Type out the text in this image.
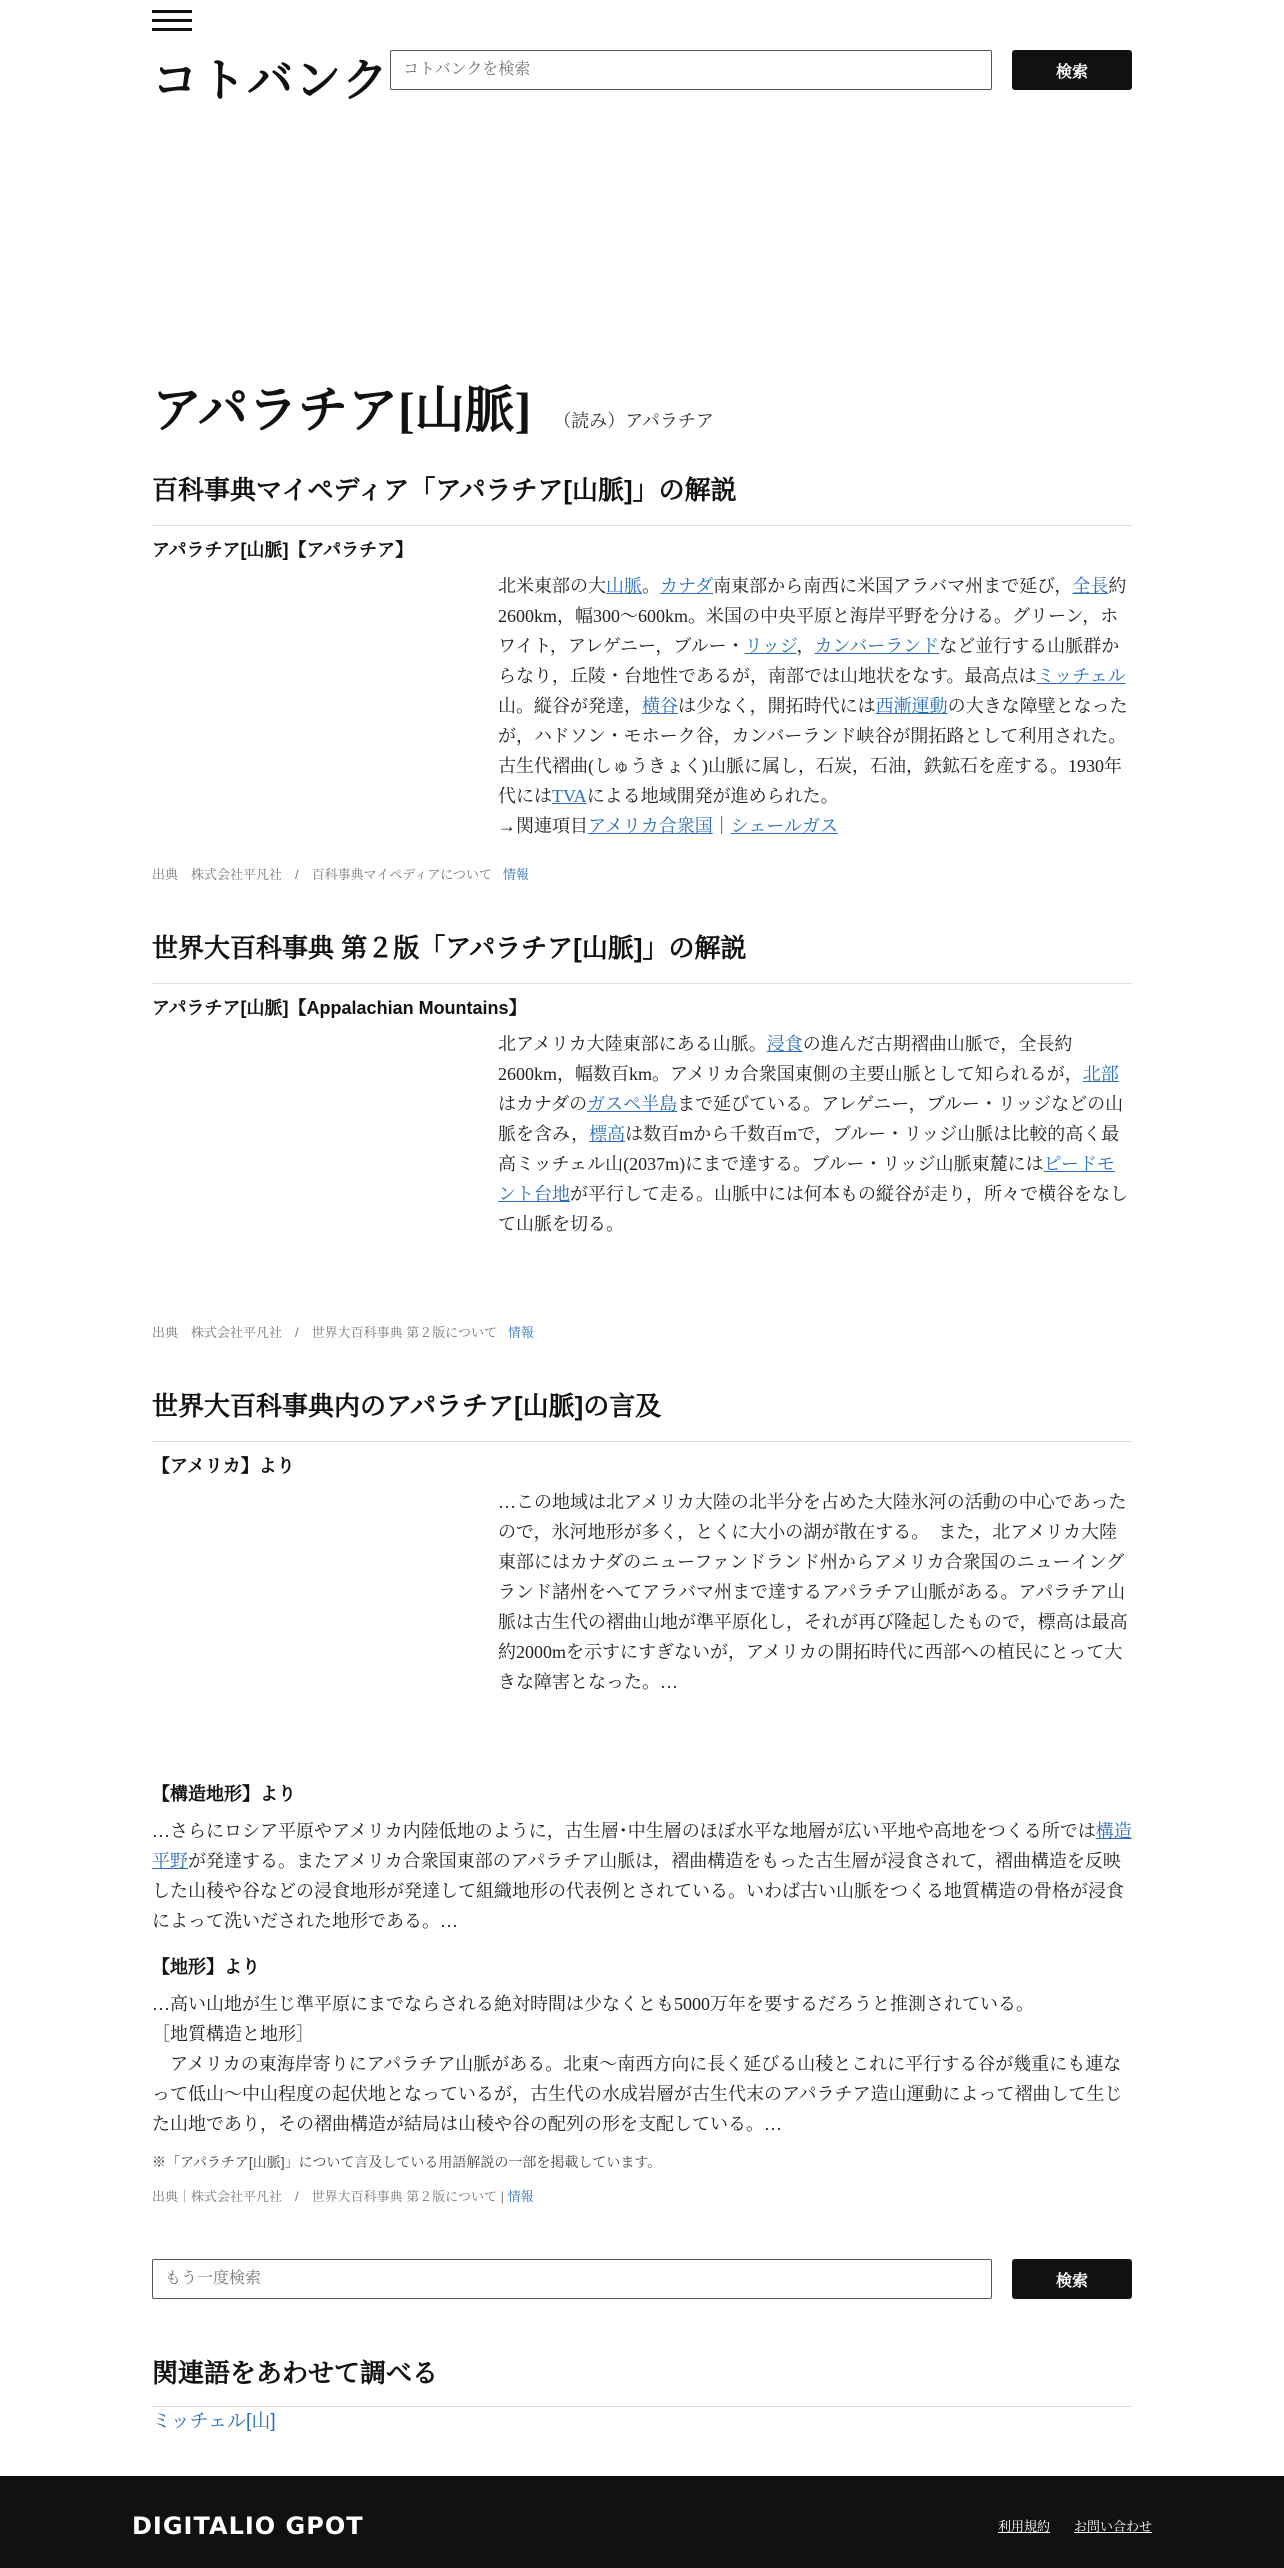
コトバンク
コトバンクを検索	検索
アパラチア[山脈] （読み）アパラチア
百科事典マイペディア「アパラチア[山脈]」の解説
アパラチア[山脈]【アパラチア】
北米東部の大山脈。カナダ南東部から南西に米国アラバマ州まで延び，全長約2600km，幅300〜600km。米国の中央平原と海岸平野を分ける。グリーン，ホワイト，アレゲニー，ブルー・リッジ，カンバーランドなど並行する山脈群からなり，丘陵・台地性であるが，南部では山地状をなす。最高点はミッチェル山。縦谷が発達，横谷は少なく，開拓時代には西漸運動の大きな障壁となったが，ハドソン・モホーク谷，カンバーランド峡谷が開拓路として利用された。古生代褶曲(しゅうきょく)山脈に属し，石炭，石油，鉄鉱石を産する。1930年代にはTVAによる地域開発が進められた。
→関連項目アメリカ合衆国｜シェールガス
出典　株式会社平凡社　/　百科事典マイペディアについて 情報
世界大百科事典 第２版「アパラチア[山脈]」の解説
アパラチア[山脈]【Appalachian Mountains】
北アメリカ大陸東部にある山脈。浸食の進んだ古期褶曲山脈で，全長約2600km，幅数百km。アメリカ合衆国東側の主要山脈として知られるが，北部はカナダのガスペ半島まで延びている。アレゲニー，ブルー・リッジなどの山脈を含み，標高は数百mから千数百mで，ブルー・リッジ山脈は比較的高く最高ミッチェル山(2037m)にまで達する。ブルー・リッジ山脈東麓にはピードモント台地が平行して走る。山脈中には何本もの縦谷が走り，所々で横谷をなして山脈を切る。
出典　株式会社平凡社　/　世界大百科事典 第２版について 情報
世界大百科事典内のアパラチア[山脈]の言及
【アメリカ】より
…この地域は北アメリカ大陸の北半分を占めた大陸氷河の活動の中心であったので，氷河地形が多く，とくに大小の湖が散在する。　また，北アメリカ大陸東部にはカナダのニューファンドランド州からアメリカ合衆国のニューイングランド諸州をへてアラバマ州まで達するアパラチア山脈がある。アパラチア山脈は古生代の褶曲山地が準平原化し，それが再び隆起したもので，標高は最高約2000mを示すにすぎないが，アメリカの開拓時代に西部への植民にとって大きな障害となった。…
【構造地形】より
…さらにロシア平原やアメリカ内陸低地のように，古生層･中生層のほぼ水平な地層が広い平地や高地をつくる所では構造平野が発達する。またアメリカ合衆国東部のアパラチア山脈は，褶曲構造をもった古生層が浸食されて，褶曲構造を反映した山稜や谷などの浸食地形が発達して組織地形の代表例とされている。いわば古い山脈をつくる地質構造の骨格が浸食によって洗いだされた地形である。…
【地形】より
…高い山地が生じ準平原にまでならされる絶対時間は少なくとも5000万年を要するだろうと推測されている。
［地質構造と地形］
　アメリカの東海岸寄りにアパラチア山脈がある。北東～南西方向に長く延びる山稜とこれに平行する谷が幾重にも連なって低山～中山程度の起伏地となっているが，古生代の水成岩層が古生代末のアパラチア造山運動によって褶曲して生じた山地であり，その褶曲構造が結局は山稜や谷の配列の形を支配している。…
※「アパラチア[山脈]」について言及している用語解説の一部を掲載しています。
出典｜株式会社平凡社　/　世界大百科事典 第２版について | 情報
もう一度検索
検索
関連語をあわせて調べる
ミッチェル[山]
DIGITALIO GPOT	利用規約 お問い合わせ
